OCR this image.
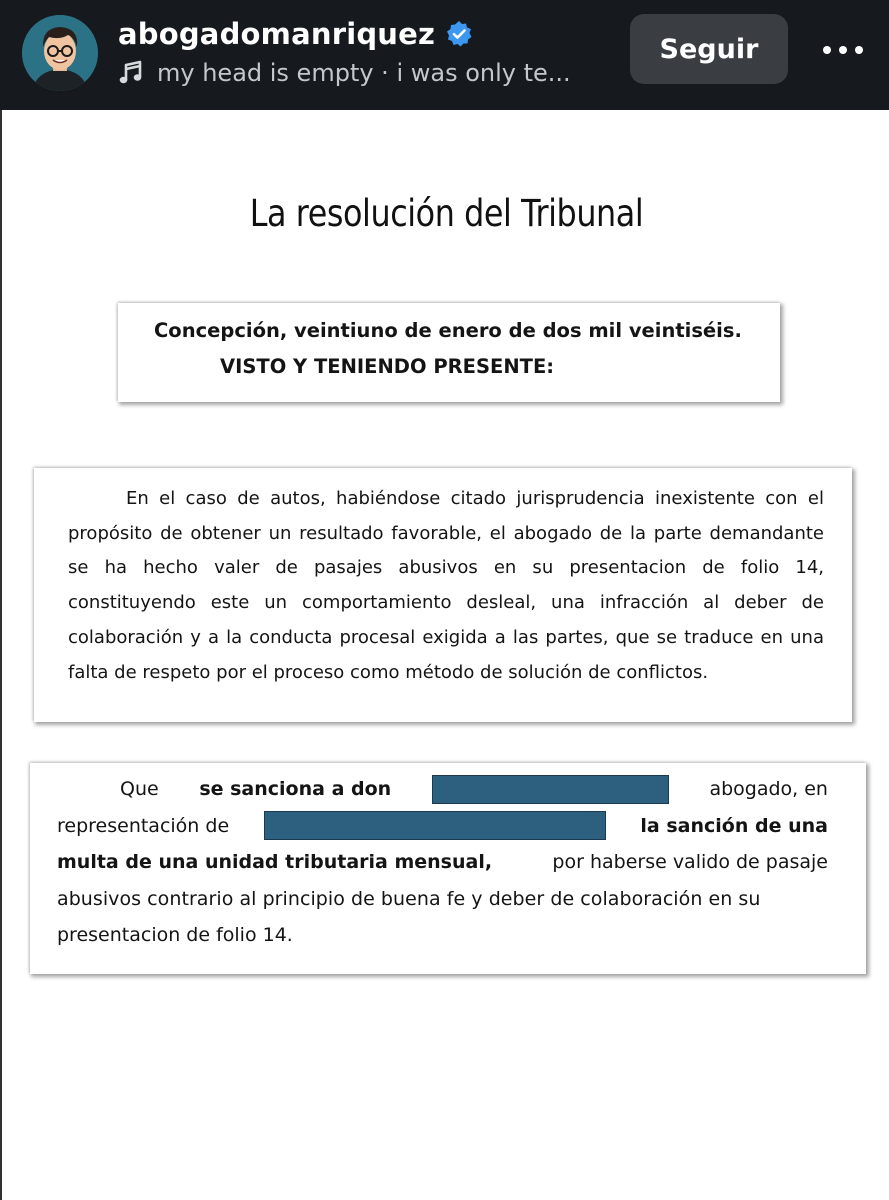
abogadomanriquez
my head is empty · i was only te...
Seguir
La resolución del Tribunal
Concepción, veintiuno de enero de dos mil veintiséis.
VISTO Y TENIENDO PRESENTE:
En el caso de autos, habiéndose citado jurisprudencia inexistente con el propósito de obtener un resultado favorable, el abogado de la parte demandante se ha hecho valer de pasajes abusivos en su presentacion de folio 14, constituyendo este un comportamiento desleal, una infracción al deber de colaboración y a la conducta procesal exigida a las partes, que se traduce en una falta de respeto por el proceso como método de solución de conflictos.
Que se sanciona a don	abogado, en
representación de	la sanción de una
multa de una unidad tributaria mensual,	por haberse valido de pasaje
abusivos contrario al principio de buena fe y deber de colaboración en su
presentacion de folio 14.
